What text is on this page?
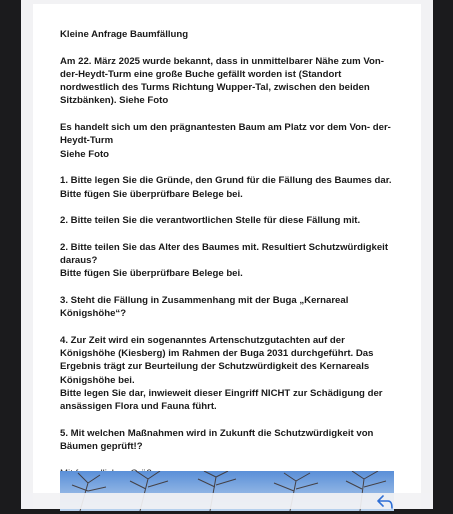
Kleine Anfrage Baumfällung

Am 22. März 2025 wurde bekannt, dass in unmittelbarer Nähe zum Von- der-Heydt-Turm eine große Buche gefällt worden ist (Standort nordwestlich des Turms Richtung Wupper-Tal, zwischen den beiden Sitzbänken). Siehe Foto

Es handelt sich um den prägnantesten Baum am Platz vor dem Von- der-Heydt-Turm
Siehe Foto

1. Bitte legen Sie die Gründe, den Grund für die Fällung des Baumes dar.
Bitte fügen Sie überprüfbare Belege bei.

2. Bitte teilen Sie die verantwortlichen Stelle für diese Fällung mit.

2. Bitte teilen Sie das Alter des Baumes mit. Resultiert Schutzwürdigkeit daraus?
Bitte fügen Sie überprüfbare Belege bei.

3. Steht die Fällung in Zusammenhang mit der Buga „Kernareal Königshöhe“?

4. Zur Zeit wird ein sogenanntes Artenschutzgutachten auf der Königshöhe (Kiesberg) im Rahmen der Buga 2031 durchgeführt. Das Ergebnis trägt zur Beurteilung der Schutzwürdigkeit des Kernareals Königshöhe bei.
Bitte legen Sie dar, inwieweit dieser Eingriff NICHT zur Schädigung der ansässigen Flora und Fauna führt.

5. Mit welchen Maßnahmen wird in Zukunft die Schutzwürdigkeit von Bäumen geprüft!?
